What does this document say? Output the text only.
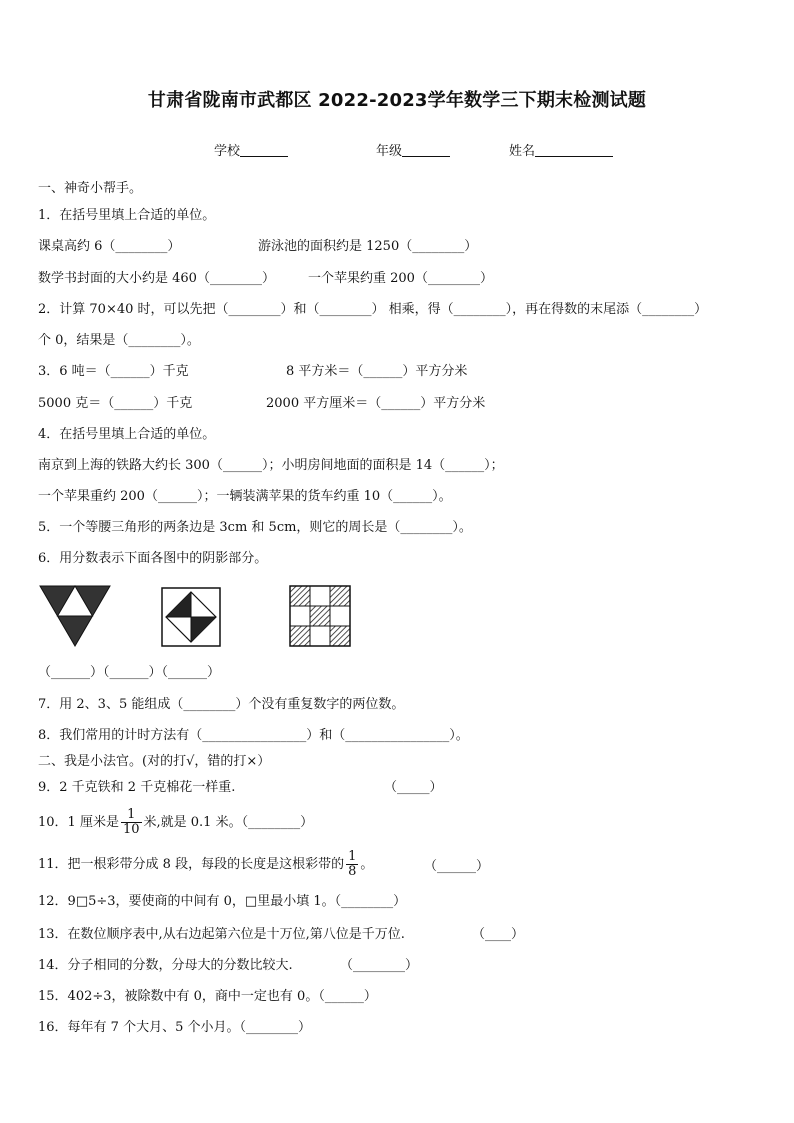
甘肃省陇南市武都区 2022-2023学年数学三下期末检测试题
学校	年级	姓名
一、神奇小帮手。
1．在括号里填上合适的单位。
课桌高约 6（________）	游泳池的面积约是 1250（________）
数学书封面的大小约是 460（________）	一个苹果约重 200（________）
2．计算 70×40 时，可以先把（________）和（________） 相乘，得（________），再在得数的末尾添（________）
个 0，结果是（________）。
3．6 吨＝（______）千克	8 平方米＝（______）平方分米
5000 克＝（______）千克	2000 平方厘米＝（______）平方分米
4．在括号里填上合适的单位。
南京到上海的铁路大约长 300（______）；小明房间地面的面积是 14（______）；
一个苹果重约 200（______）；一辆装满苹果的货车约重 10（______）。
5．一个等腰三角形的两条边是 3cm 和 5cm，则它的周长是（________）。
6．用分数表示下面各图中的阴影部分。
（______）（______）（______）
7．用 2、3、5 能组成（________）个没有重复数字的两位数。
8．我们常用的计时方法有（________________）和（________________）。
二、我是小法官。(对的打√，错的打×）
9．2 千克铁和 2 千克棉花一样重.	（_____）
10．1 厘米是 $\frac{1}{10}$ 米,就是 0.1 米。（________）
11．把一根彩带分成 8 段，每段的长度是这根彩带的 $\frac{1}{8}$ 。	（______）
12．9□5÷3，要使商的中间有 0，□里最小填 1。（________）
13．在数位顺序表中,从右边起第六位是十万位,第八位是千万位.	（____）
14．分子相同的分数，分母大的分数比较大.	（________）
15．402÷3，被除数中有 0，商中一定也有 0。（______）
16．每年有 7 个大月、5 个小月。（________）
